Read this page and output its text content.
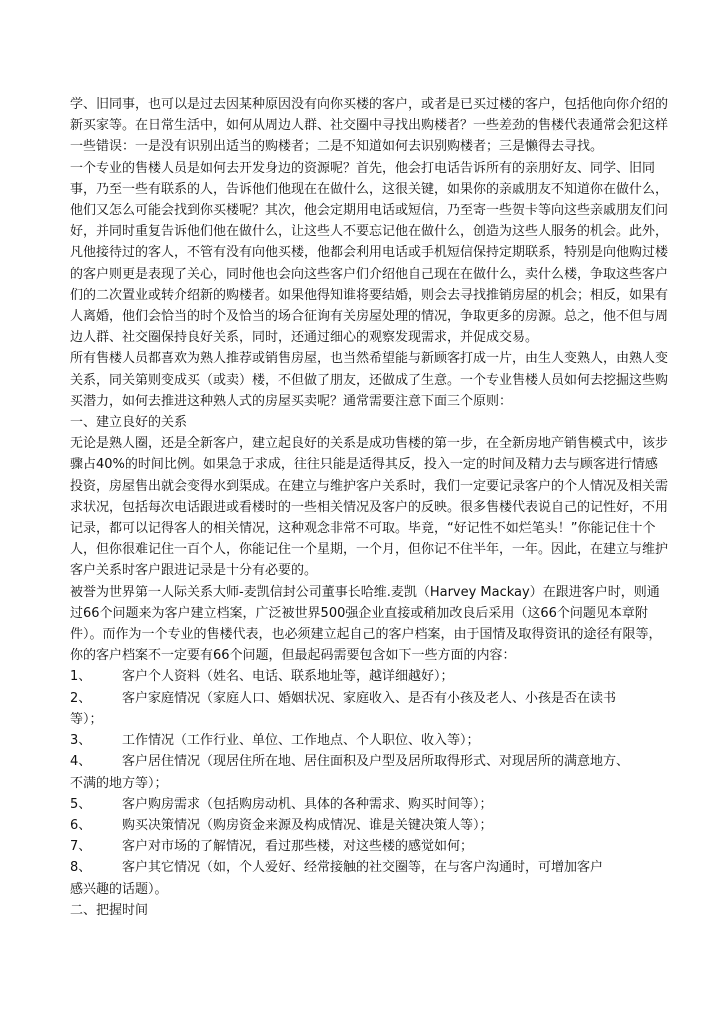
学、旧同事，也可以是过去因某种原因没有向你买楼的客户，或者是已买过楼的客户，包括他向你介绍的新买家等。在日常生活中，如何从周边人群、社交圈中寻找出购楼者？一些差劲的售楼代表通常会犯这样一些错误：一是没有识别出适当的购楼者；二是不知道如何去识别购楼者；三是懒得去寻找。

一个专业的售楼人员是如何去开发身边的资源呢？首先，他会打电话告诉所有的亲朋好友、同学、旧同事，乃至一些有联系的人，告诉他们他现在在做什么，这很关键，如果你的亲戚朋友不知道你在做什么，他们又怎么可能会找到你买楼呢？其次，他会定期用电话或短信，乃至寄一些贺卡等向这些亲戚朋友们问好，并同时重复告诉他们他在做什么，让这些人不要忘记他在做什么，创造为这些人服务的机会。此外，凡他接待过的客人，不管有没有向他买楼，他都会利用电话或手机短信保持定期联系，特别是向他购过楼的客户则更是表现了关心，同时他也会向这些客户们介绍他自己现在在做什么，卖什么楼，争取这些客户们的二次置业或转介绍新的购楼者。如果他得知谁将要结婚，则会去寻找推销房屋的机会；相反，如果有人离婚，他们会恰当的时个及恰当的场合征询有关房屋处理的情况，争取更多的房源。总之，他不但与周边人群、社交圈保持良好关系，同时，还通过细心的观察发现需求，并促成交易。

所有售楼人员都喜欢为熟人推荐或销售房屋，也当然希望能与新顾客打成一片，由生人变熟人，由熟人变关系，同关第则变成买（或卖）楼，不但做了朋友，还做成了生意。一个专业售楼人员如何去挖掘这些购买潜力，如何去推进这种熟人式的房屋买卖呢？通常需要注意下面三个原则：

一、建立良好的关系

无论是熟人圈，还是全新客户，建立起良好的关系是成功售楼的第一步，在全新房地产销售模式中，该步骤占40%的时间比例。如果急于求成，往往只能是适得其反，投入一定的时间及精力去与顾客进行情感投资，房屋售出就会变得水到渠成。在建立与维护客户关系时，我们一定要记录客户的个人情况及相关需求状况，包括每次电话跟进或看楼时的一些相关情况及客户的反映。很多售楼代表说自己的记性好，不用记录，都可以记得客人的相关情况，这种观念非常不可取。毕竟，“好记性不如烂笔头！”你能记住十个人，但你很难记住一百个人，你能记住一个星期，一个月，但你记不住半年，一年。因此，在建立与维护客户关系时客户跟进记录是十分有必要的。

被誉为世界第一人际关系大师-麦凯信封公司董事长哈维.麦凯（Harvey Mackay）在跟进客户时，则通过66个问题来为客户建立档案，广泛被世界500强企业直接或稍加改良后采用（这66个问题见本章附件）。而作为一个专业的售楼代表，也必须建立起自己的客户档案，由于国情及取得资讯的途径有限等，你的客户档案不一定要有66个问题，但最起码需要包含如下一些方面的内容：

1、	客户个人资料（姓名、电话、联系地址等，越详细越好）；
2、	客户家庭情况（家庭人口、婚姻状况、家庭收入、是否有小孩及老人、小孩是否在读书

等）；

3、	工作情况（工作行业、单位、工作地点、个人职位、收入等）；
4、	客户居住情况（现居住所在地、居住面积及户型及居所取得形式、对现居所的满意地方、

不满的地方等）；

5、	客户购房需求（包括购房动机、具体的各种需求、购买时间等）；
6、	购买决策情况（购房资金来源及构成情况、谁是关键决策人等）；
7、	客户对市场的了解情况，看过那些楼，对这些楼的感觉如何；
8、	客户其它情况（如，个人爱好、经常接触的社交圈等，在与客户沟通时，可增加客户

感兴趣的话题）。

二、把握时间
